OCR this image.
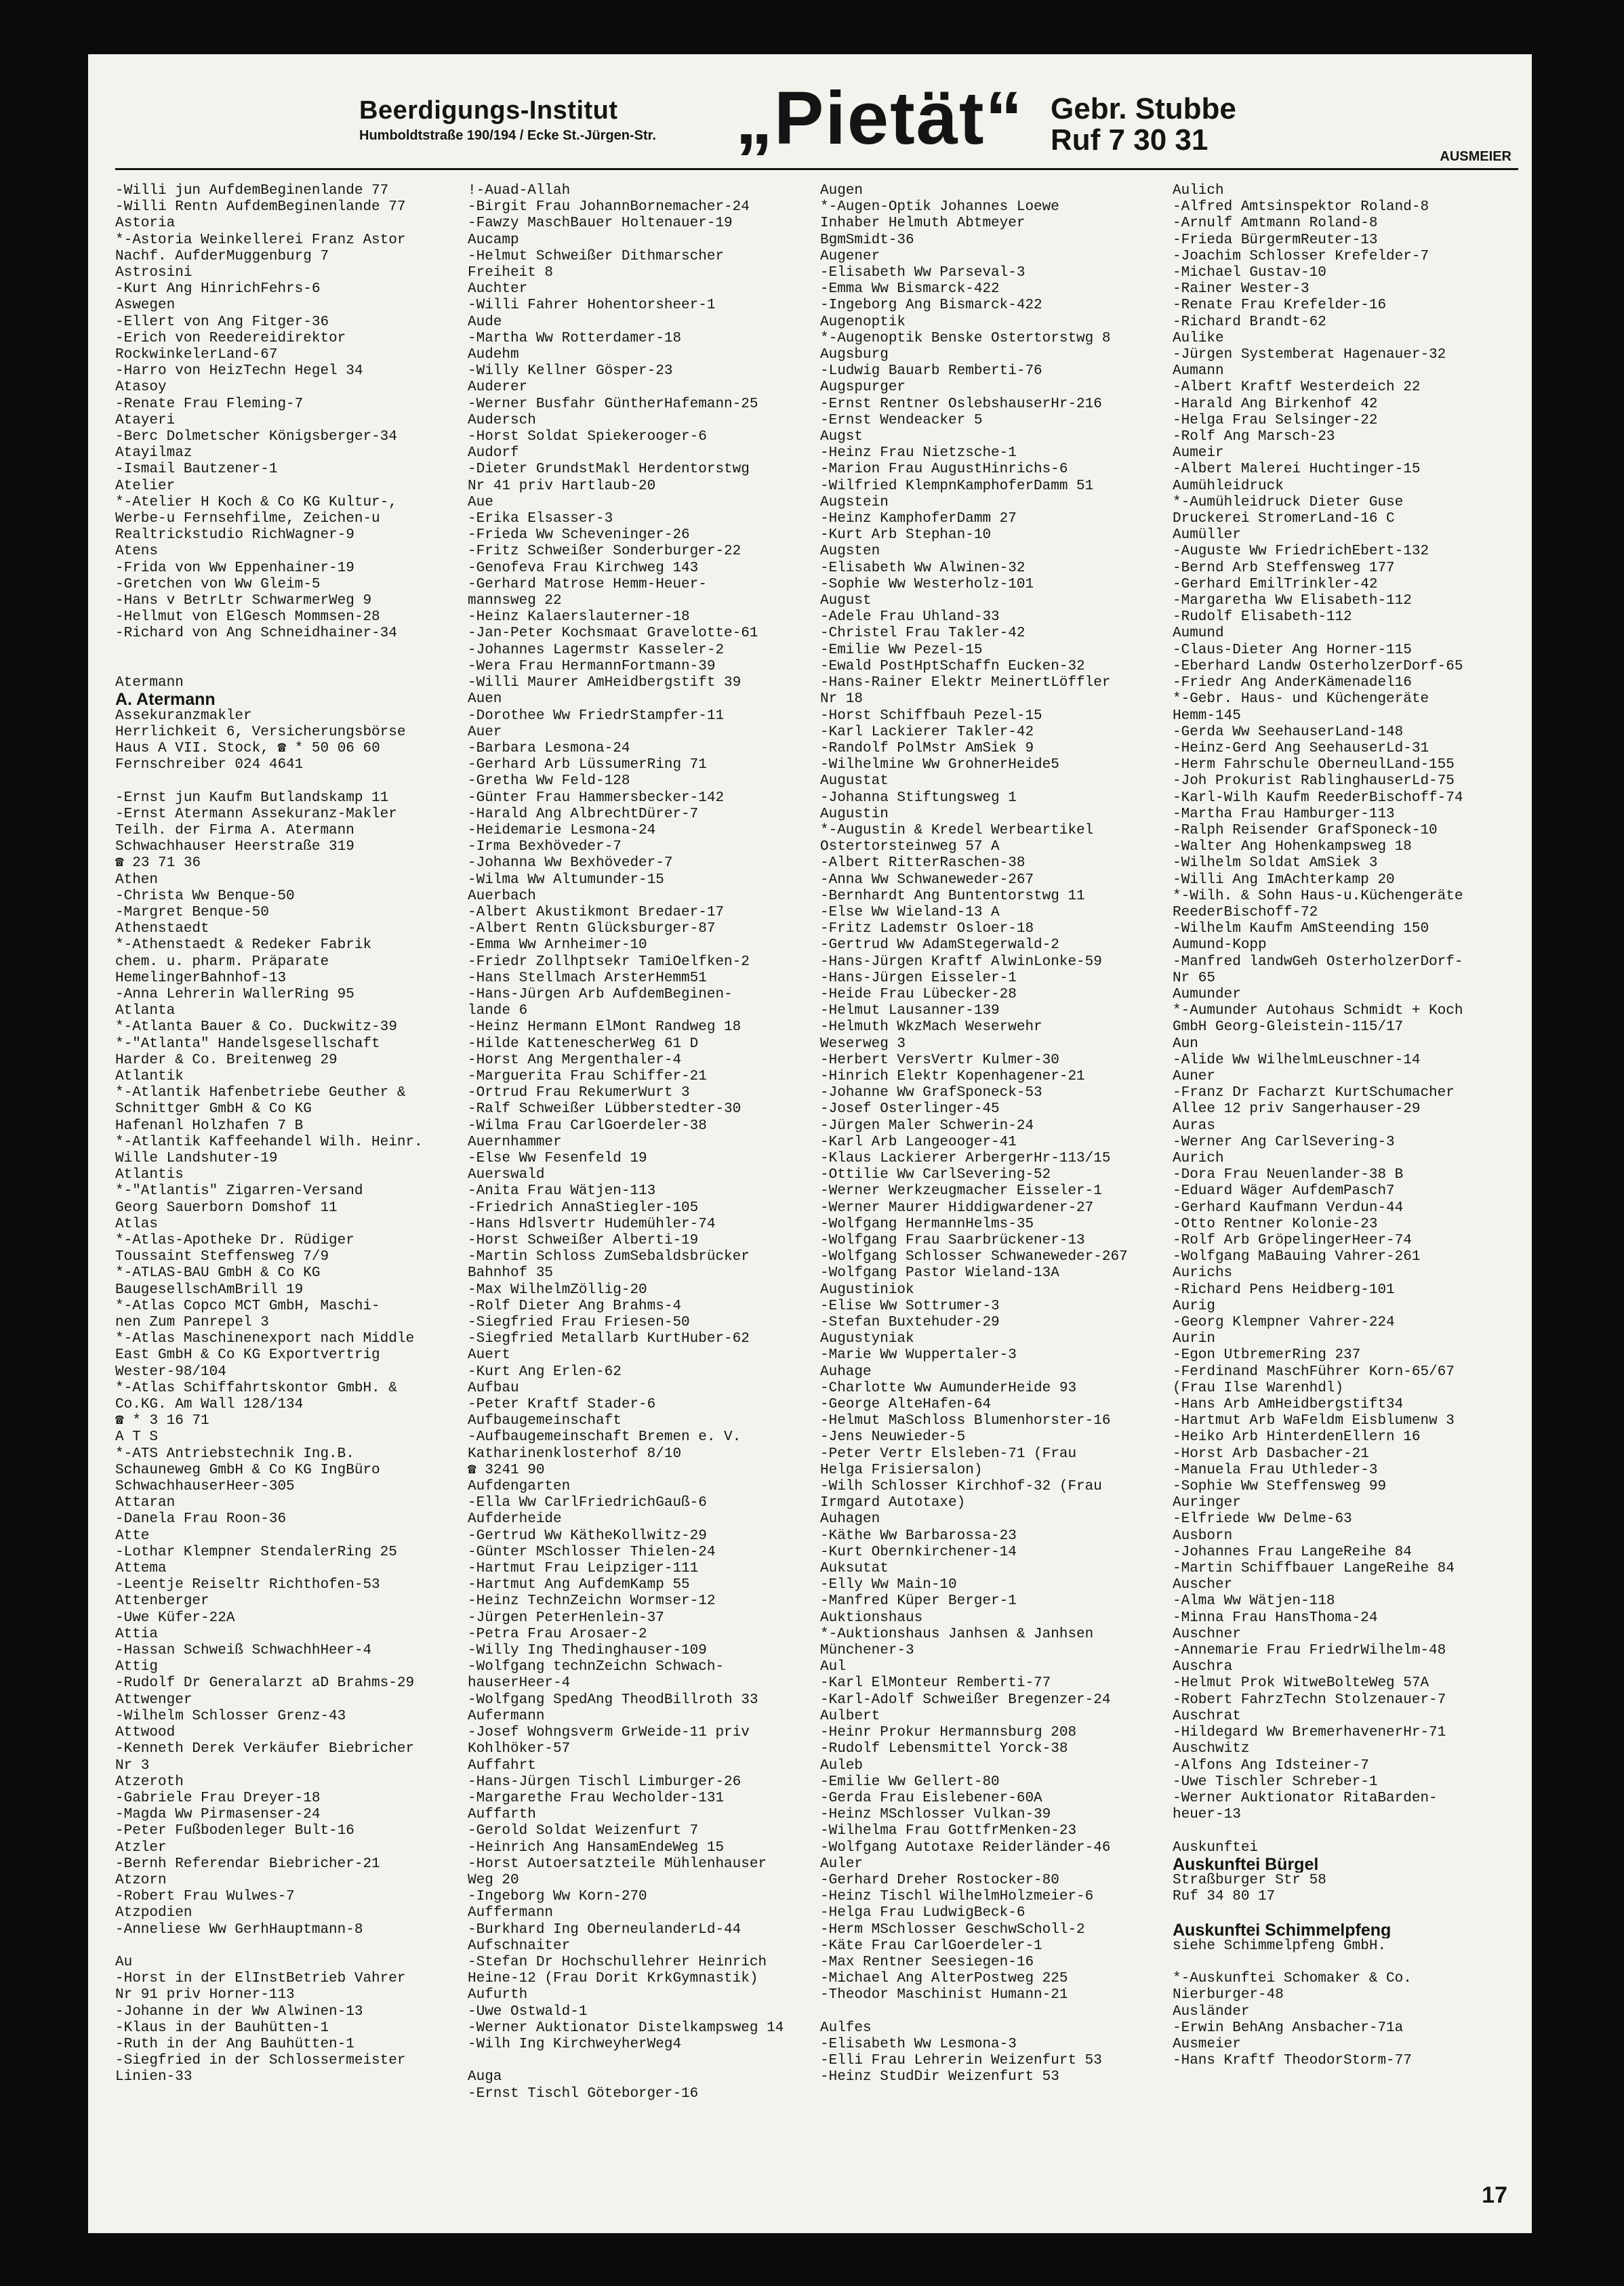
Beerdigungs-Institut
Humboldtstraße 190/194 / Ecke St.-Jürgen-Str. „Pietät“ Gebr. Stubbe
Ruf 7 30 31	AUSMEIER
-Willi jun AufdemBeginenlande 77
-Willi Rentn AufdemBeginenlande 77
Astoria
*-Astoria Weinkellerei Franz Astor
Nachf. AufderMuggenburg 7
Astrosini
-Kurt Ang HinrichFehrs-6
Aswegen
-Ellert von Ang Fitger-36
-Erich von Reedereidirektor
RockwinkelerLand-67
-Harro von HeizTechn Hegel 34
Atasoy
-Renate Frau Fleming-7
Atayeri
-Berc Dolmetscher Königsberger-34
Atayilmaz
-Ismail Bautzener-1
Atelier
*-Atelier H Koch & Co KG Kultur-,
Werbe-u Fernsehfilme, Zeichen-u
Realtrickstudio RichWagner-9
Atens
-Frida von Ww Eppenhainer-19
-Gretchen von Ww Gleim-5
-Hans v BetrLtr SchwarmerWeg 9
-Hellmut von ElGesch Mommsen-28
-Richard von Ang Schneidhainer-34

Atermann
A. Atermann
Assekuranzmakler
Herrlichkeit 6, Versicherungsbörse
Haus A VII. Stock, ☎ * 50 06 60
Fernschreiber 024 4641

-Ernst jun Kaufm Butlandskamp 11
-Ernst Atermann Assekuranz-Makler
Teilh. der Firma A. Atermann
Schwachhauser Heerstraße 319
☎ 23 71 36
Athen
-Christa Ww Benque-50
-Margret Benque-50
Athenstaedt
*-Athenstaedt & Redeker Fabrik
chem. u. pharm. Präparate
HemelingerBahnhof-13
-Anna Lehrerin WallerRing 95
Atlanta
*-Atlanta Bauer & Co. Duckwitz-39
*-"Atlanta" Handelsgesellschaft
Harder & Co. Breitenweg 29
Atlantik
*-Atlantik Hafenbetriebe Geuther &
Schnittger GmbH & Co KG
Hafenanl Holzhafen 7 B
*-Atlantik Kaffeehandel Wilh. Heinr.
Wille Landshuter-19
Atlantis
*-"Atlantis" Zigarren-Versand
Georg Sauerborn Domshof 11
Atlas
*-Atlas-Apotheke Dr. Rüdiger
Toussaint Steffensweg 7/9
*-ATLAS-BAU GmbH & Co KG
BaugesellschAmBrill 19
*-Atlas Copco MCT GmbH, Maschi-
nen Zum Panrepel 3
*-Atlas Maschinenexport nach Middle
East GmbH & Co KG Exportvertrig
Wester-98/104
*-Atlas Schiffahrtskontor GmbH. &
Co.KG. Am Wall 128/134
☎ * 3 16 71
A T S
*-ATS Antriebstechnik Ing.B.
Schauneweg GmbH & Co KG IngBüro
SchwachhauserHeer-305
Attaran
-Danela Frau Roon-36
Atte
-Lothar Klempner StendalerRing 25
Attema
-Leentje Reiseltr Richthofen-53
Attenberger
-Uwe Küfer-22A
Attia
-Hassan Schweiß SchwachhHeer-4
Attig
-Rudolf Dr Generalarzt aD Brahms-29
Attwenger
-Wilhelm Schlosser Grenz-43
Attwood
-Kenneth Derek Verkäufer Biebricher
Nr 3
Atzeroth
-Gabriele Frau Dreyer-18
-Magda Ww Pirmasenser-24
-Peter Fußbodenleger Bult-16
Atzler
-Bernh Referendar Biebricher-21
Atzorn
-Robert Frau Wulwes-7
Atzpodien
-Anneliese Ww GerhHauptmann-8

Au
-Horst in der ElInstBetrieb Vahrer
Nr 91 priv Horner-113
-Johanne in der Ww Alwinen-13
-Klaus in der Bauhütten-1
-Ruth in der Ang Bauhütten-1
-Siegfried in der Schlossermeister
Linien-33
!-Auad-Allah
-Birgit Frau JohannBornemacher-24
-Fawzy MaschBauer Holtenauer-19
Aucamp
-Helmut Schweißer Dithmarscher
Freiheit 8
Auchter
-Willi Fahrer Hohentorsheer-1
Aude
-Martha Ww Rotterdamer-18
Audehm
-Willy Kellner Gösper-23
Auderer
-Werner Busfahr GüntherHafemann-25
Audersch
-Horst Soldat Spiekerooger-6
Audorf
-Dieter GrundstMakl Herdentorstwg
Nr 41 priv Hartlaub-20
Aue
-Erika Elsasser-3
-Frieda Ww Scheveninger-26
-Fritz Schweißer Sonderburger-22
-Genofeva Frau Kirchweg 143
-Gerhard Matrose Hemm-Heuer-
mannsweg 22
-Heinz Kalaerslauterner-18
-Jan-Peter Kochsmaat Gravelotte-61
-Johannes Lagermstr Kasseler-2
-Wera Frau HermannFortmann-39
-Willi Maurer AmHeidbergstift 39
Auen
-Dorothee Ww FriedrStampfer-11
Auer
-Barbara Lesmona-24
-Gerhard Arb LüssumerRing 71
-Gretha Ww Feld-128
-Günter Frau Hammersbecker-142
-Harald Ang AlbrechtDürer-7
-Heidemarie Lesmona-24
-Irma Bexhöveder-7
-Johanna Ww Bexhöveder-7
-Wilma Ww Altumunder-15
Auerbach
-Albert Akustikmont Bredaer-17
-Albert Rentn Glücksburger-87
-Emma Ww Arnheimer-10
-Friedr Zollhptsekr TamiOelfken-2
-Hans Stellmach ArsterHemm51
-Hans-Jürgen Arb AufdemBeginen-
lande 6
-Heinz Hermann ElMont Randweg 18
-Hilde KattenescherWeg 61 D
-Horst Ang Mergenthaler-4
-Marguerita Frau Schiffer-21
-Ortrud Frau RekumerWurt 3
-Ralf Schweißer Lübberstedter-30
-Wilma Frau CarlGoerdeler-38
Auernhammer
-Else Ww Fesenfeld 19
Auerswald
-Anita Frau Wätjen-113
-Friedrich AnnaStiegler-105
-Hans Hdlsvertr Hudemühler-74
-Horst Schweißer Alberti-19
-Martin Schloss ZumSebaldsbrücker
Bahnhof 35
-Max WilhelmZöllig-20
-Rolf Dieter Ang Brahms-4
-Siegfried Frau Friesen-50
-Siegfried Metallarb KurtHuber-62
Auert
-Kurt Ang Erlen-62
Aufbau
-Peter Kraftf Stader-6
Aufbaugemeinschaft
-Aufbaugemeinschaft Bremen e. V.
Katharinenklosterhof 8/10
☎ 3241 90
Aufdengarten
-Ella Ww CarlFriedrichGauß-6
Aufderheide
-Gertrud Ww KätheKollwitz-29
-Günter MSchlosser Thielen-24
-Hartmut Frau Leipziger-111
-Hartmut Ang AufdemKamp 55
-Heinz TechnZeichn Wormser-12
-Jürgen PeterHenlein-37
-Petra Frau Arosaer-2
-Willy Ing Thedinghauser-109
-Wolfgang technZeichn Schwach-
hauserHeer-4
-Wolfgang SpedAng TheodBillroth 33
Aufermann
-Josef Wohngsverm GrWeide-11 priv
Kohlhöker-57
Auffahrt
-Hans-Jürgen Tischl Limburger-26
-Margarethe Frau Wecholder-131
Auffarth
-Gerold Soldat Weizenfurt 7
-Heinrich Ang HansamEndeWeg 15
-Horst Autoersatzteile Mühlenhauser
Weg 20
-Ingeborg Ww Korn-270
Auffermann
-Burkhard Ing OberneulanderLd-44
Aufschnaiter
-Stefan Dr Hochschullehrer Heinrich
Heine-12 (Frau Dorit KrkGymnastik)
Aufurth
-Uwe Ostwald-1
-Werner Auktionator Distelkampsweg 14
-Wilh Ing KirchweyherWeg4

Auga
-Ernst Tischl Göteborger-16
Augen
*-Augen-Optik Johannes Loewe
Inhaber Helmuth Abtmeyer
BgmSmidt-36
Augener
-Elisabeth Ww Parseval-3
-Emma Ww Bismarck-422
-Ingeborg Ang Bismarck-422
Augenoptik
*-Augenoptik Benske Ostertorstwg 8
Augsburg
-Ludwig Bauarb Remberti-76
Augspurger
-Ernst Rentner OslebshauserHr-216
-Ernst Wendeacker 5
Augst
-Heinz Frau Nietzsche-1
-Marion Frau AugustHinrichs-6
-Wilfried KlempnKamphoferDamm 51
Augstein
-Heinz KamphoferDamm 27
-Kurt Arb Stephan-10
Augsten
-Elisabeth Ww Alwinen-32
-Sophie Ww Westerholz-101
August
-Adele Frau Uhland-33
-Christel Frau Takler-42
-Emilie Ww Pezel-15
-Ewald PostHptSchaffn Eucken-32
-Hans-Rainer Elektr MeinertLöffler
Nr 18
-Horst Schiffbauh Pezel-15
-Karl Lackierer Takler-42
-Randolf PolMstr AmSiek 9
-Wilhelmine Ww GrohnerHeide5
Augustat
-Johanna Stiftungsweg 1
Augustin
*-Augustin & Kredel Werbeartikel
Ostertorsteinweg 57 A
-Albert RitterRaschen-38
-Anna Ww Schwaneweder-267
-Bernhardt Ang Buntentorstwg 11
-Else Ww Wieland-13 A
-Fritz Lademstr Osloer-18
-Gertrud Ww AdamStegerwald-2
-Hans-Jürgen Kraftf AlwinLonke-59
-Hans-Jürgen Eisseler-1
-Heide Frau Lübecker-28
-Helmut Lausanner-139
-Helmuth WkzMach Weserwehr
Weserweg 3
-Herbert VersVertr Kulmer-30
-Hinrich Elektr Kopenhagener-21
-Johanne Ww GrafSponeck-53
-Josef Osterlinger-45
-Jürgen Maler Schwerin-24
-Karl Arb Langeooger-41
-Klaus Lackierer ArbergerHr-113/15
-Ottilie Ww CarlSevering-52
-Werner Werkzeugmacher Eisseler-1
-Werner Maurer Hiddigwardener-27
-Wolfgang HermannHelms-35
-Wolfgang Frau Saarbrückener-13
-Wolfgang Schlosser Schwaneweder-267
-Wolfgang Pastor Wieland-13A
Augustiniok
-Elise Ww Sottrumer-3
-Stefan Buxtehuder-29
Augustyniak
-Marie Ww Wuppertaler-3
Auhage
-Charlotte Ww AumunderHeide 93
-George AlteHafen-64
-Helmut MaSchloss Blumenhorster-16
-Jens Neuwieder-5
-Peter Vertr Elsleben-71 (Frau
Helga Frisiersalon)
-Wilh Schlosser Kirchhof-32 (Frau
Irmgard Autotaxe)
Auhagen
-Käthe Ww Barbarossa-23
-Kurt Obernkirchener-14
Auksutat
-Elly Ww Main-10
-Manfred Küper Berger-1
Auktionshaus
*-Auktionshaus Janhsen & Janhsen
Münchener-3
Aul
-Karl ElMonteur Remberti-77
-Karl-Adolf Schweißer Bregenzer-24
Aulbert
-Heinr Prokur Hermannsburg 208
-Rudolf Lebensmittel Yorck-38
Auleb
-Emilie Ww Gellert-80
-Gerda Frau Eislebener-60A
-Heinz MSchlosser Vulkan-39
-Wilhelma Frau GottfrMenken-23
-Wolfgang Autotaxe Reiderländer-46
Auler
-Gerhard Dreher Rostocker-80
-Heinz Tischl WilhelmHolzmeier-6
-Helga Frau LudwigBeck-6
-Herm MSchlosser GeschwScholl-2
-Käte Frau CarlGoerdeler-1
-Max Rentner Seesiegen-16
-Michael Ang AlterPostweg 225
-Theodor Maschinist Humann-21

Aulfes
-Elisabeth Ww Lesmona-3
-Elli Frau Lehrerin Weizenfurt 53
-Heinz StudDir Weizenfurt 53
Aulich
-Alfred Amtsinspektor Roland-8
-Arnulf Amtmann Roland-8
-Frieda BürgermReuter-13
-Joachim Schlosser Krefelder-7
-Michael Gustav-10
-Rainer Wester-3
-Renate Frau Krefelder-16
-Richard Brandt-62
Aulike
-Jürgen Systemberat Hagenauer-32
Aumann
-Albert Kraftf Westerdeich 22
-Harald Ang Birkenhof 42
-Helga Frau Selsinger-22
-Rolf Ang Marsch-23
Aumeir
-Albert Malerei Huchtinger-15
Aumühleidruck
*-Aumühleidruck Dieter Guse
Druckerei StromerLand-16 C
Aumüller
-Auguste Ww FriedrichEbert-132
-Bernd Arb Steffensweg 177
-Gerhard EmilTrinkler-42
-Margaretha Ww Elisabeth-112
-Rudolf Elisabeth-112
Aumund
-Claus-Dieter Ang Horner-115
-Eberhard Landw OsterholzerDorf-65
-Friedr Ang AnderKämenadel16
*-Gebr. Haus- und Küchengeräte
Hemm-145
-Gerda Ww SeehauserLand-148
-Heinz-Gerd Ang SeehauserLd-31
-Herm Fahrschule OberneulLand-155
-Joh Prokurist RablinghauserLd-75
-Karl-Wilh Kaufm ReederBischoff-74
-Martha Frau Hamburger-113
-Ralph Reisender GrafSponeck-10
-Walter Ang Hohenkampsweg 18
-Wilhelm Soldat AmSiek 3
-Willi Ang ImAchterkamp 20
*-Wilh. & Sohn Haus-u.Küchengeräte
ReederBischoff-72
-Wilhelm Kaufm AmSteending 150
Aumund-Kopp
-Manfred landwGeh OsterholzerDorf-
Nr 65
Aumunder
*-Aumunder Autohaus Schmidt + Koch
GmbH Georg-Gleistein-115/17
Aun
-Alide Ww WilhelmLeuschner-14
Auner
-Franz Dr Facharzt KurtSchumacher
Allee 12 priv Sangerhauser-29
Auras
-Werner Ang CarlSevering-3
Aurich
-Dora Frau Neuenlander-38 B
-Eduard Wäger AufdemPasch7
-Gerhard Kaufmann Verdun-44
-Otto Rentner Kolonie-23
-Rolf Arb GröpelingerHeer-74
-Wolfgang MaBauing Vahrer-261
Aurichs
-Richard Pens Heidberg-101
Aurig
-Georg Klempner Vahrer-224
Aurin
-Egon UtbremerRing 237
-Ferdinand MaschFührer Korn-65/67
(Frau Ilse Warenhdl)
-Hans Arb AmHeidbergstift34
-Hartmut Arb WaFeldm Eisblumenw 3
-Heiko Arb HinterdenEllern 16
-Horst Arb Dasbacher-21
-Manuela Frau Uthleder-3
-Sophie Ww Steffensweg 99
Auringer
-Elfriede Ww Delme-63
Ausborn
-Johannes Frau LangeReihe 84
-Martin Schiffbauer LangeReihe 84
Auscher
-Alma Ww Wätjen-118
-Minna Frau HansThoma-24
Auschner
-Annemarie Frau FriedrWilhelm-48
Auschra
-Helmut Prok WitweBolteWeg 57A
-Robert FahrzTechn Stolzenauer-7
Auschrat
-Hildegard Ww BremerhavenerHr-71
Auschwitz
-Alfons Ang Idsteiner-7
-Uwe Tischler Schreber-1
-Werner Auktionator RitaBarden-
heuer-13

Auskunftei
Auskunftei Bürgel
Straßburger Str 58
Ruf 34 80 17

Auskunftei Schimmelpfeng
siehe Schimmelpfeng GmbH.

*-Auskunftei Schomaker & Co.
Nierburger-48
Ausländer
-Erwin BehAng Ansbacher-71a
Ausmeier
-Hans Kraftf TheodorStorm-77
17
